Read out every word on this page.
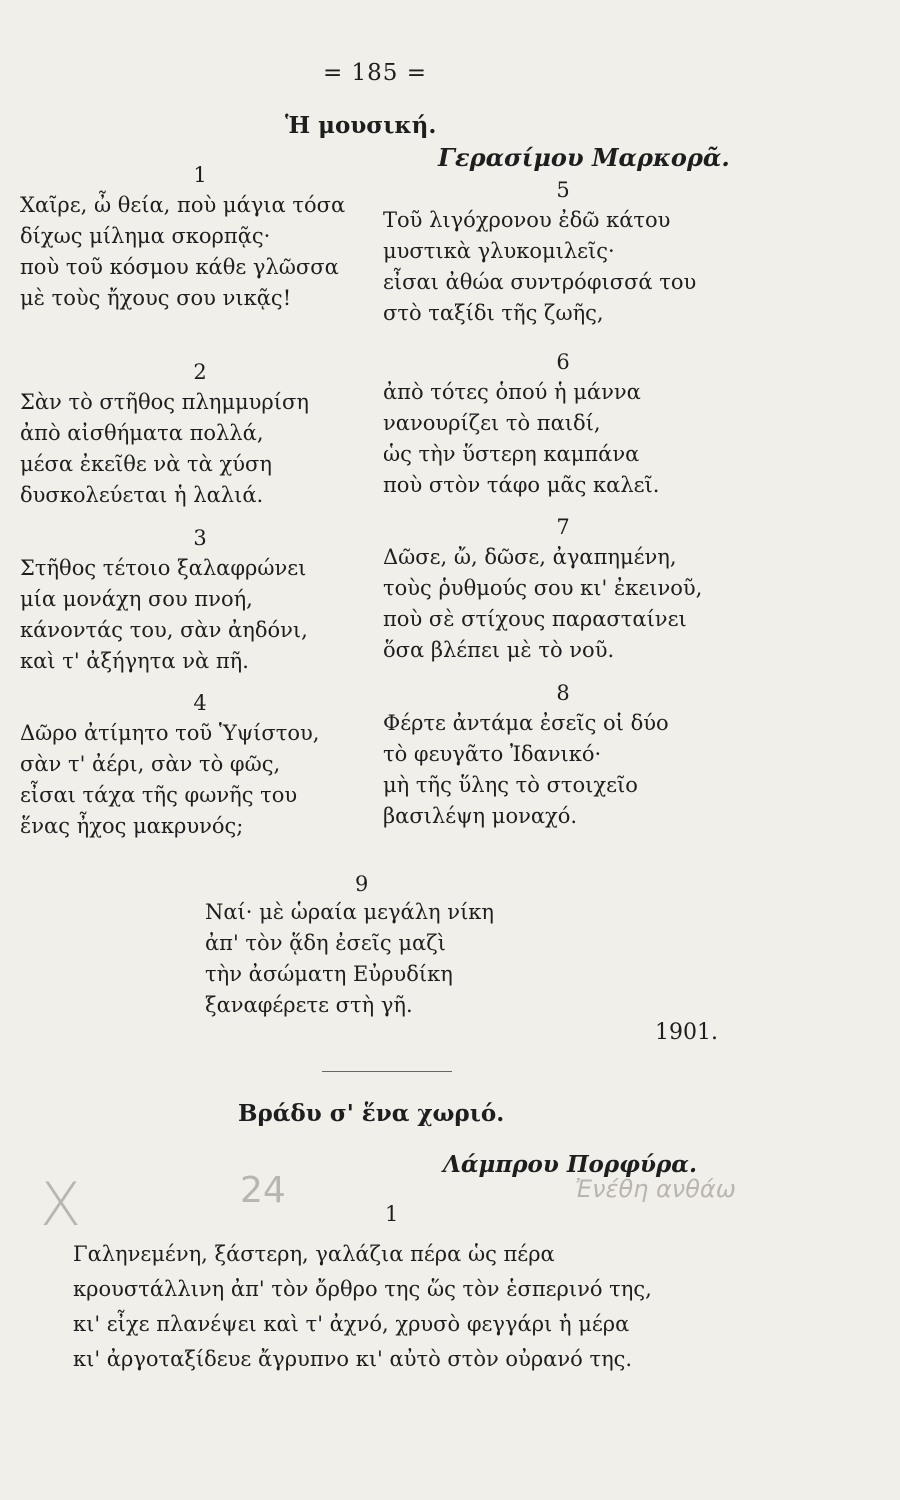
= 185 =
Ἡ μουσική.
Γερασίμου Μαρκορᾶ.
1
Χαῖρε, ὦ θεία, ποὺ μάγια τόσα
δίχως μίλημα σκορπᾷς·
ποὺ τοῦ κόσμου κάθε γλῶσσα
μὲ τοὺς ἤχους σου νικᾷς!
2
Σὰν τὸ στῆθος πλημμυρίση
ἀπὸ αἰσθήματα πολλά,
μέσα ἐκεῖθε νὰ τὰ χύση
δυσκολεύεται ἡ λαλιά.
3
Στῆθος τέτοιο ξαλαφρώνει
μία μονάχη σου πνοή,
κάνοντάς του, σὰν ἀηδόνι,
καὶ τ' ἀξήγητα νὰ πῆ.
4
Δῶρο ἀτίμητο τοῦ Ὑψίστου,
σὰν τ' ἀέρι, σὰν τὸ φῶς,
εἶσαι τάχα τῆς φωνῆς του
ἕνας ἦχος μακρυνός;
5
Τοῦ λιγόχρονου ἐδῶ κάτου
μυστικὰ γλυκομιλεῖς·
εἶσαι ἀθώα συντρόφισσά του
στὸ ταξίδι τῆς ζωῆς,
6
ἀπὸ τότες ὁπού ἡ μάννα
νανουρίζει τὸ παιδί,
ὡς τὴν ὕστερη καμπάνα
ποὺ στὸν τάφο μᾶς καλεῖ.
7
Δῶσε, ὤ, δῶσε, ἀγαπημένη,
τοὺς ῥυθμούς σου κι' ἐκεινοῦ,
ποὺ σὲ στίχους παρασταίνει
ὅσα βλέπει μὲ τὸ νοῦ.
8
Φέρτε ἀντάμα ἐσεῖς οἱ δύο
τὸ φευγᾶτο Ἰδανικό·
μὴ τῆς ὕλης τὸ στοιχεῖο
βασιλέψη μοναχό.
9
Ναί· μὲ ὡραία μεγάλη νίκη
ἀπ' τὸν ᾅδη ἐσεῖς μαζὶ
τὴν ἀσώματη Εὐρυδίκη
ξαναφέρετε στὴ γῆ.
1901.
Βράδυ σ' ἕνα χωριό.
Λάμπρου Πορφύρα.
X	24	Ἐνέθη ανθάω
1
Γαληνεμένη, ξάστερη, γαλάζια πέρα ὡς πέρα
κρουστάλλινη ἀπ' τὸν ὄρθρο της ὥς τὸν ἑσπερινό της,
κι' εἶχε πλανέψει καὶ τ' ἀχνό, χρυσὸ φεγγάρι ἡ μέρα
κι' ἀργοταξίδευε ἄγρυπνο κι' αὐτὸ στὸν οὐρανό της.
